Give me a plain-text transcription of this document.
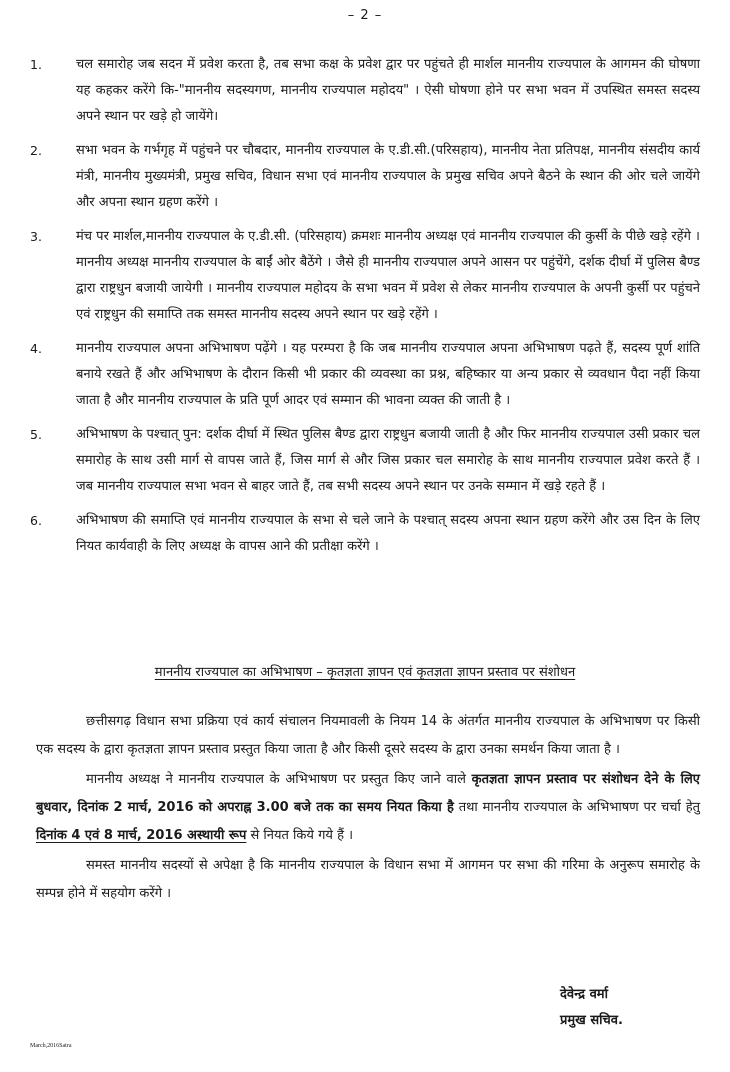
– 2 –
1.	चल समारोह जब सदन में प्रवेश करता है, तब सभा कक्ष के प्रवेश द्वार पर पहुंचते ही मार्शल माननीय राज्यपाल के आगमन की घोषणा यह कहकर करेंगे कि-"माननीय सदस्यगण, माननीय राज्यपाल महोदय" । ऐसी घोषणा होने पर सभा भवन में उपस्थित समस्त सदस्य अपने स्थान पर खड़े हो जायेंगे।
2.	सभा भवन के गर्भगृह में पहुंचने पर चौबदार, माननीय राज्यपाल के ए.डी.सी.(परिसहाय), माननीय नेता प्रतिपक्ष, माननीय संसदीय कार्य मंत्री, माननीय मुख्यमंत्री, प्रमुख सचिव, विधान सभा एवं माननीय राज्यपाल के प्रमुख सचिव अपने बैठने के स्थान की ओर चले जायेंगे और अपना स्थान ग्रहण करेंगे ।
3.	मंच पर मार्शल,माननीय राज्यपाल के ए.डी.सी. (परिसहाय) क्रमशः माननीय अध्यक्ष एवं माननीय राज्यपाल की कुर्सी के पीछे खड़े रहेंगे । माननीय अध्यक्ष माननीय राज्यपाल के बाईं ओर बैठेंगे । जैसे ही माननीय राज्यपाल अपने आसन पर पहुंचेंगे, दर्शक दीर्घा में पुलिस बैण्ड द्वारा राष्ट्रधुन बजायी जायेगी । माननीय राज्यपाल महोदय के सभा भवन में प्रवेश से लेकर माननीय राज्यपाल के अपनी कुर्सी पर पहुंचने एवं राष्ट्रधुन की समाप्ति तक समस्त माननीय सदस्य अपने स्थान पर खड़े रहेंगे ।
4.	माननीय राज्यपाल अपना अभिभाषण पढ़ेंगे । यह परम्परा है कि जब माननीय राज्यपाल अपना अभिभाषण पढ़ते हैं, सदस्य पूर्ण शांति बनाये रखते हैं और अभिभाषण के दौरान किसी भी प्रकार की व्यवस्था का प्रश्न, बहिष्कार या अन्य प्रकार से व्यवधान पैदा नहीं किया जाता है और माननीय राज्यपाल के प्रति पूर्ण आदर एवं सम्मान की भावना व्यक्त की जाती है ।
5.	अभिभाषण के पश्चात् पुन: दर्शक दीर्घा में स्थित पुलिस बैण्ड द्वारा राष्ट्रधुन बजायी जाती है और फिर माननीय राज्यपाल उसी प्रकार चल समारोह के साथ उसी मार्ग से वापस जाते हैं, जिस मार्ग से और जिस प्रकार चल समारोह के साथ माननीय राज्यपाल प्रवेश करते हैं । जब माननीय राज्यपाल सभा भवन से बाहर जाते हैं, तब सभी सदस्य अपने स्थान पर उनके सम्मान में खड़े रहते हैं ।
6.	अभिभाषण की समाप्ति एवं माननीय राज्यपाल के सभा से चले जाने के पश्चात् सदस्य अपना स्थान ग्रहण करेंगे और उस दिन के लिए नियत कार्यवाही के लिए अध्यक्ष के वापस आने की प्रतीक्षा करेंगे ।
माननीय राज्यपाल का अभिभाषण – कृतज्ञता ज्ञापन एवं कृतज्ञता ज्ञापन प्रस्ताव पर संशोधन

छत्तीसगढ़ विधान सभा प्रक्रिया एवं कार्य संचालन नियमावली के नियम 14 के अंतर्गत माननीय राज्यपाल के अभिभाषण पर किसी एक सदस्य के द्वारा कृतज्ञता ज्ञापन प्रस्ताव प्रस्तुत किया जाता है और किसी दूसरे सदस्य के द्वारा उनका समर्थन किया जाता है ।

माननीय अध्यक्ष ने माननीय राज्यपाल के अभिभाषण पर प्रस्तुत किए जाने वाले कृतज्ञता ज्ञापन प्रस्ताव पर संशोधन देने के लिए बुधवार, दिनांक 2 मार्च, 2016 को अपराह्न 3.00 बजे तक का समय नियत किया है तथा माननीय राज्यपाल के अभिभाषण पर चर्चा हेतु दिनांक 4 एवं 8 मार्च, 2016 अस्थायी रूप से नियत किये गये हैं ।

समस्त माननीय सदस्यों से अपेक्षा है कि माननीय राज्यपाल के विधान सभा में आगमन पर सभा की गरिमा के अनुरूप समारोह के सम्पन्न होने में सहयोग करेंगे ।

देवेन्द्र वर्मा
प्रमुख सचिव.
March,2016Satra
